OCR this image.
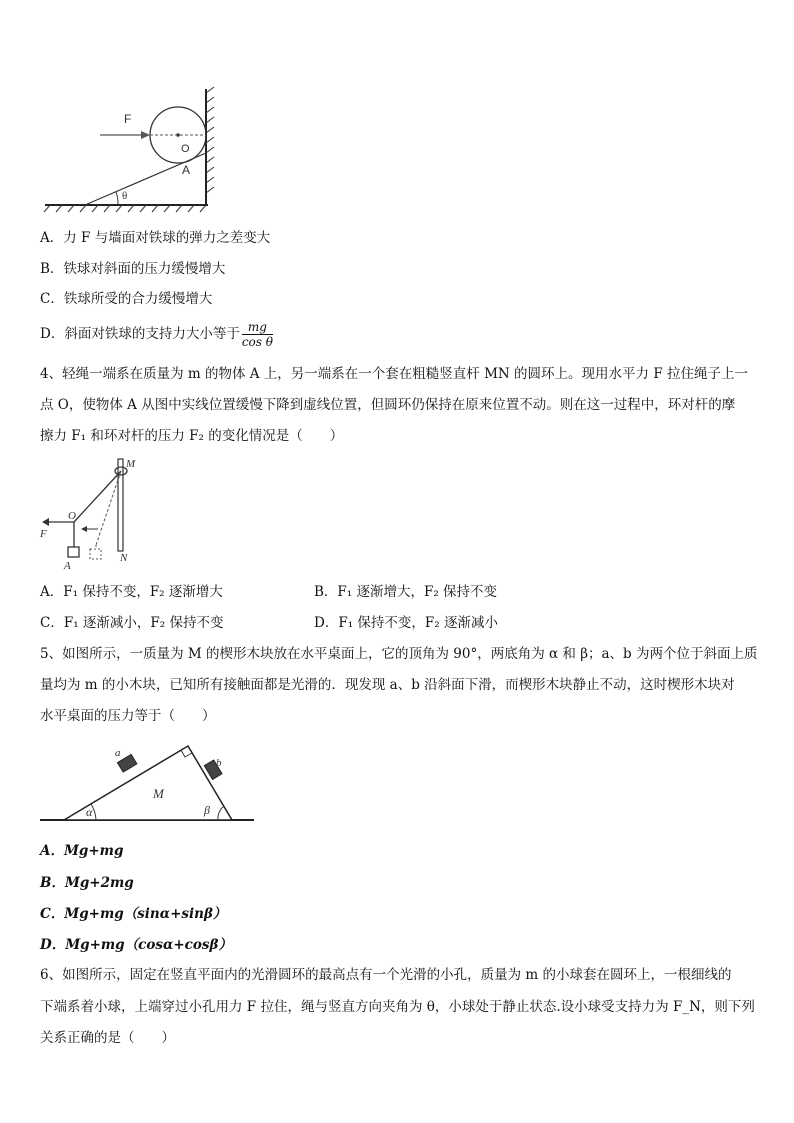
F
O
A
θ
A．力 F 与墙面对铁球的弹力之差变大
B．铁球对斜面的压力缓慢增大
C．铁球所受的合力缓慢增大
D．斜面对铁球的支持力大小等于 $\frac{mg}{\text{cos θ}}$
4、轻绳一端系在质量为 m 的物体 A 上，另一端系在一个套在粗糙竖直杆 MN 的圆环上。现用水平力 F 拉住绳子上一
点 O，使物体 A 从图中实线位置缓慢下降到虚线位置，但圆环仍保持在原来位置不动。则在这一过程中，环对杆的摩
擦力 F₁ 和环对杆的压力 F₂ 的变化情况是（　　）
M
O
F
N
A
A．F₁ 保持不变，F₂ 逐渐增大	B．F₁ 逐渐增大，F₂ 保持不变
C．F₁ 逐渐减小，F₂ 保持不变	D．F₁ 保持不变，F₂ 逐渐减小
5、如图所示，一质量为 M 的楔形木块放在水平桌面上，它的顶角为 90°，两底角为 α 和 β；a、b 为两个位于斜面上质
量均为 m 的小木块，已知所有接触面都是光滑的．现发现 a、b 沿斜面下滑，而楔形木块静止不动，这时楔形木块对
水平桌面的压力等于（　　）
a
b
M
α	β
A．Mg+mg
B．Mg+2mg
C．Mg+mg（sinα+sinβ）
D．Mg+mg（cosα+cosβ）
6、如图所示，固定在竖直平面内的光滑圆环的最高点有一个光滑的小孔，质量为 m 的小球套在圆环上，一根细线的
下端系着小球，上端穿过小孔用力 F 拉住，绳与竖直方向夹角为 θ，小球处于静止状态.设小球受支持力为 F_N，则下列
关系正确的是（　　）
